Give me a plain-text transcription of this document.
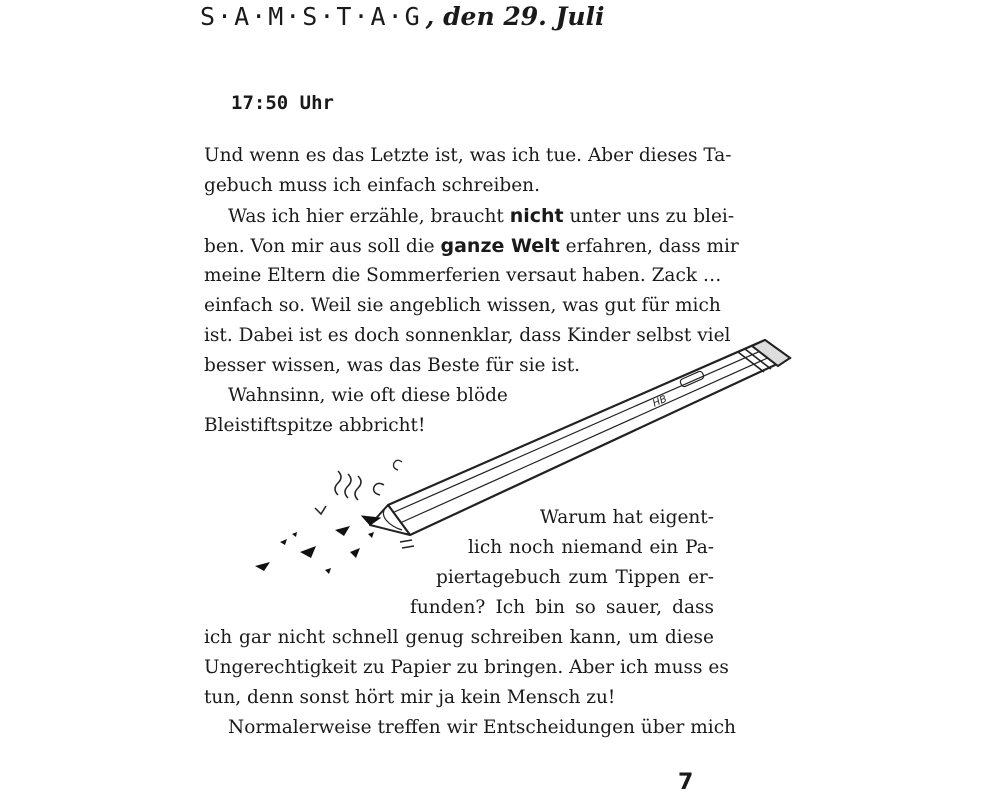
S·A·M·S·T·A·G , den 29. Juli
17:50 Uhr
Und wenn es das Letzte ist, was ich tue. Aber dieses Ta-
gebuch muss ich einfach schreiben.
Was ich hier erzähle, braucht nicht unter uns zu blei-
ben. Von mir aus soll die ganze Welt erfahren, dass mir
meine Eltern die Sommerferien versaut haben. Zack …
einfach so. Weil sie angeblich wissen, was gut für mich
ist. Dabei ist es doch sonnenklar, dass Kinder selbst viel
besser wissen, was das Beste für sie ist.
Wahnsinn, wie oft diese blöde
Bleistiftspitze abbricht!
Warum hat eigent-
lich noch niemand ein Pa-
piertagebuch zum Tippen er-
funden? Ich bin so sauer, dass
ich gar nicht schnell genug schreiben kann, um diese
Ungerechtigkeit zu Papier zu bringen. Aber ich muss es
tun, denn sonst hört mir ja kein Mensch zu!
Normalerweise treffen wir Entscheidungen über mich
HB
7
